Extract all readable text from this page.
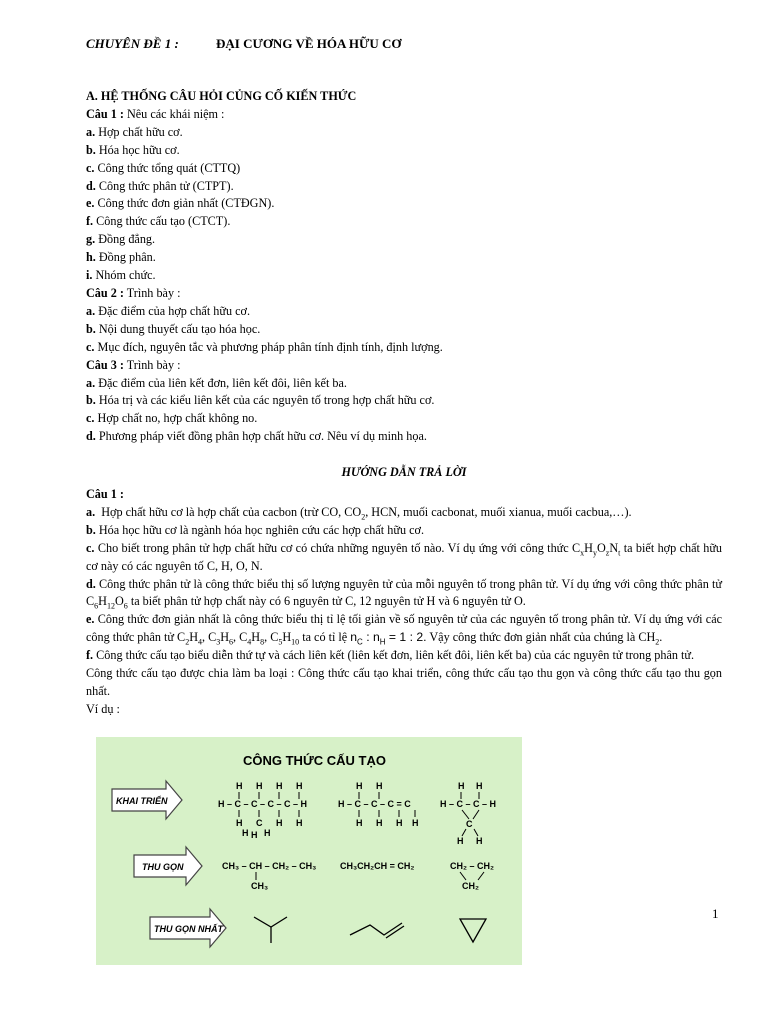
CHUYÊN ĐỀ 1 :	ĐẠI CƯƠNG VỀ HÓA HỮU CƠ
A. HỆ THỐNG CÂU HỎI CỦNG CỐ KIẾN THỨC
Câu 1 : Nêu các khái niệm :
a. Hợp chất hữu cơ.
b. Hóa học hữu cơ.
c. Công thức tổng quát (CTTQ)
d. Công thức phân tử (CTPT).
e. Công thức đơn giản nhất (CTĐGN).
f. Công thức cấu tạo (CTCT).
g. Đồng đẳng.
h. Đồng phân.
i. Nhóm chức.
Câu 2 : Trình bày :
a. Đặc điểm của hợp chất hữu cơ.
b. Nội dung thuyết cấu tạo hóa học.
c. Mục đích, nguyên tắc và phương pháp phân tính định tính, định lượng.
Câu 3 : Trình bày :
a. Đặc điểm của liên kết đơn, liên kết đôi, liên kết ba.
b. Hóa trị và các kiểu liên kết của các nguyên tố trong hợp chất hữu cơ.
c. Hợp chất no, hợp chất không no.
d. Phương pháp viết đồng phân hợp chất hữu cơ. Nêu ví dụ minh họa.
HƯỚNG DẪN TRẢ LỜI
Câu 1 :
a. Hợp chất hữu cơ là hợp chất của cacbon (trừ CO, $CO_2$, HCN, muối cacbonat, muối xianua, muối cacbua,…).
b. Hóa học hữu cơ là ngành hóa học nghiên cứu các hợp chất hữu cơ.
c. Cho biết trong phân tử hợp chất hữu cơ có chứa những nguyên tố nào. Ví dụ ứng với công thức $C_xH_yO_zN_t$ ta biết hợp chất hữu cơ này có các nguyên tố C, H, O, N.
d. Công thức phân tử là công thức biểu thị số lượng nguyên tử của mỗi nguyên tố trong phân tử. Ví dụ ứng với công thức phân tử $C_6H_{12}O_6$ ta biết phân tử hợp chất này có 6 nguyên tử C, 12 nguyên tử H và 6 nguyên tử O.
e. Công thức đơn giản nhất là công thức biểu thị tỉ lệ tối giản về số nguyên tử của các nguyên tố trong phân tử. Ví dụ ứng với các công thức phân tử $C_2H_4$, $C_3H_6$, $C_4H_8$, $C_5H_{10}$ ta có tỉ lệ $n_C$ : $n_H = 1$ : 2. Vậy công thức đơn giản nhất của chúng là $CH_2$.
f. Công thức cấu tạo biểu diễn thứ tự và cách liên kết (liên kết đơn, liên kết đôi, liên kết ba) của các nguyên tử trong phân tử.
Công thức cấu tạo được chia làm ba loại : Công thức cấu tạo khai triển, công thức cấu tạo thu gọn và công thức cấu tạo thu gọn nhất.
Ví dụ :
CÔNG THỨC CẤU TẠO
KHAI TRIỂN
THU GỌN
THU GỌN NHẤT
H H H H
H – C – C – C – C – H
H C H H
H H H
H H
H – C – C – C = C
H H H H
H H
H – C – C – H
C
H H
CH₃ – CH – CH₂ – CH₃
CH₃
CH₃CH₂CH = CH₂	CH₂ – CH₂
CH₂
1
